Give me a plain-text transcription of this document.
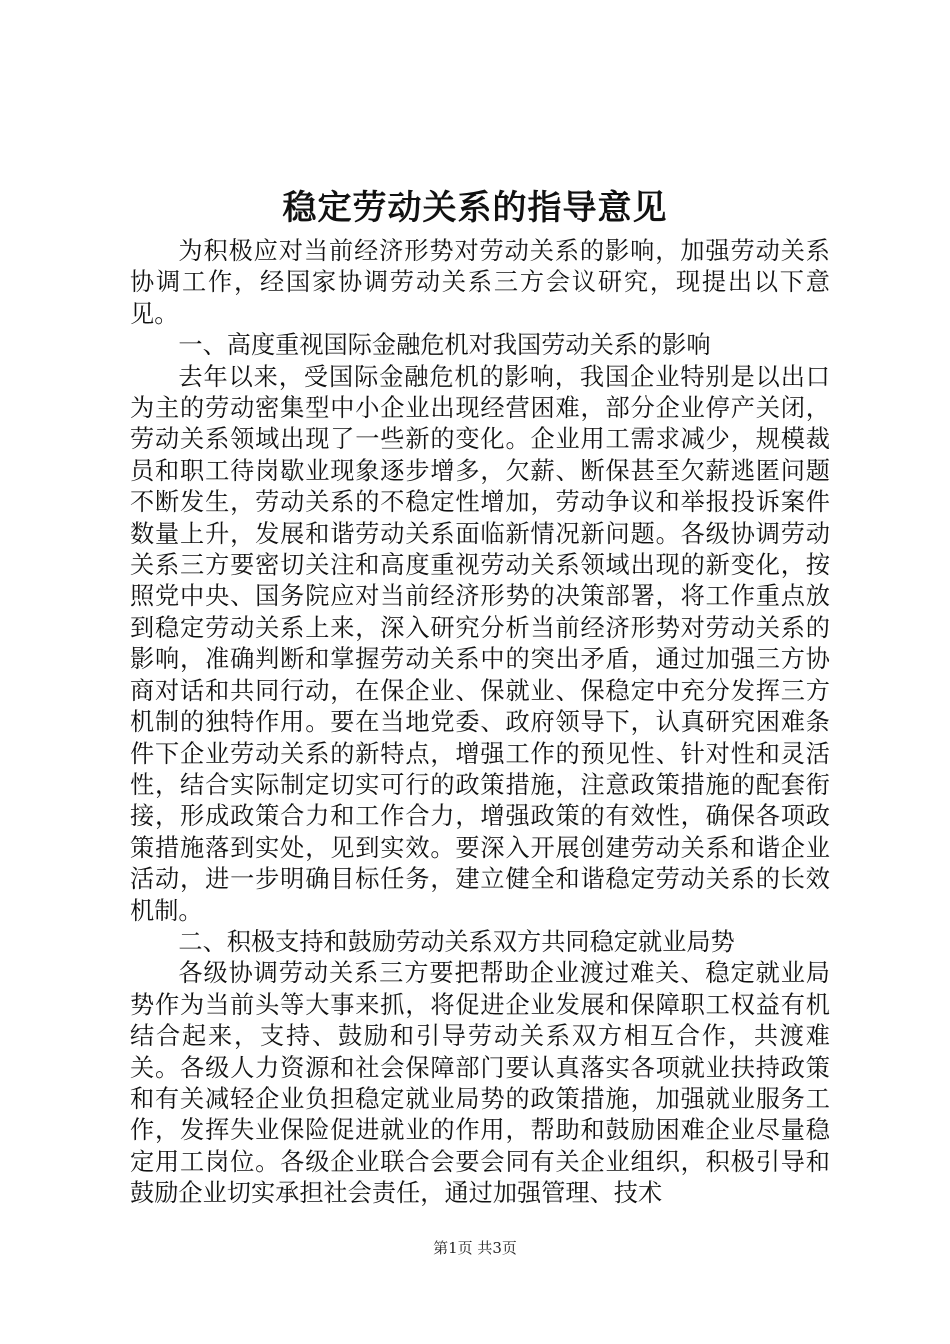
稳定劳动关系的指导意见

为积极应对当前经济形势对劳动关系的影响，加强劳动关系协调工作，经国家协调劳动关系三方会议研究，现提出以下意见。

一、高度重视国际金融危机对我国劳动关系的影响

去年以来，受国际金融危机的影响，我国企业特别是以出口为主的劳动密集型中小企业出现经营困难，部分企业停产关闭，劳动关系领域出现了一些新的变化。企业用工需求减少，规模裁员和职工待岗歇业现象逐步增多，欠薪、断保甚至欠薪逃匿问题不断发生，劳动关系的不稳定性增加，劳动争议和举报投诉案件数量上升，发展和谐劳动关系面临新情况新问题。各级协调劳动关系三方要密切关注和高度重视劳动关系领域出现的新变化，按照党中央、国务院应对当前经济形势的决策部署，将工作重点放到稳定劳动关系上来，深入研究分析当前经济形势对劳动关系的影响，准确判断和掌握劳动关系中的突出矛盾，通过加强三方协商对话和共同行动，在保企业、保就业、保稳定中充分发挥三方机制的独特作用。要在当地党委、政府领导下，认真研究困难条件下企业劳动关系的新特点，增强工作的预见性、针对性和灵活性，结合实际制定切实可行的政策措施，注意政策措施的配套衔接，形成政策合力和工作合力，增强政策的有效性，确保各项政策措施落到实处，见到实效。要深入开展创建劳动关系和谐企业活动，进一步明确目标任务，建立健全和谐稳定劳动关系的长效机制。

二、积极支持和鼓励劳动关系双方共同稳定就业局势

各级协调劳动关系三方要把帮助企业渡过难关、稳定就业局势作为当前头等大事来抓，将促进企业发展和保障职工权益有机结合起来，支持、鼓励和引导劳动关系双方相互合作，共渡难关。各级人力资源和社会保障部门要认真落实各项就业扶持政策和有关减轻企业负担稳定就业局势的政策措施，加强就业服务工作，发挥失业保险促进就业的作用，帮助和鼓励困难企业尽量稳定用工岗位。各级企业联合会要会同有关企业组织，积极引导和鼓励企业切实承担社会责任，通过加强管理、技术

第1页 共3页
